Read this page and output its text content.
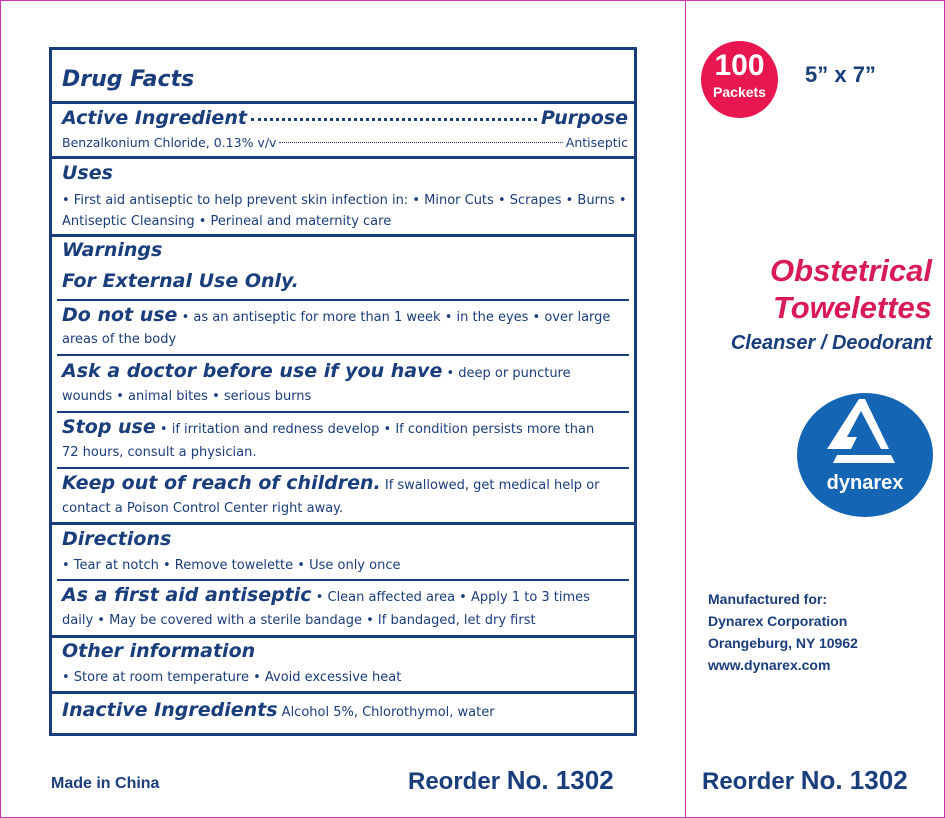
Drug Facts
Active Ingredient	Purpose
Benzalkonium Chloride, 0.13% v/v	Antiseptic
Uses

• First aid antiseptic to help prevent skin infection in: • Minor Cuts • Scrapes • Burns • Antiseptic Cleansing • Perineal and maternity care

Warnings
For External Use Only.

Do not use • as an antiseptic for more than 1 week • in the eyes • over large areas of the body

Ask a doctor before use if you have • deep or puncture wounds • animal bites • serious burns

Stop use • if irritation and redness develop • If condition persists more than 72 hours, consult a physician.

Keep out of reach of children. If swallowed, get medical help or contact a Poison Control Center right away.

Directions

• Tear at notch • Remove towelette • Use only once

As a first aid antiseptic • Clean affected area • Apply 1 to 3 times daily • May be covered with a sterile bandage • If bandaged, let dry first

Other information

• Store at room temperature • Avoid excessive heat

Inactive Ingredients Alcohol 5%, Chlorothymol, water

100
Packets
5” x 7”
Obstetrical
Towelettes
Cleanser / Deodorant
dynarex
Manufactured for:
Dynarex Corporation
Orangeburg, NY 10962
www.dynarex.com
Made in China	Reorder No. 1302	Reorder No. 1302
